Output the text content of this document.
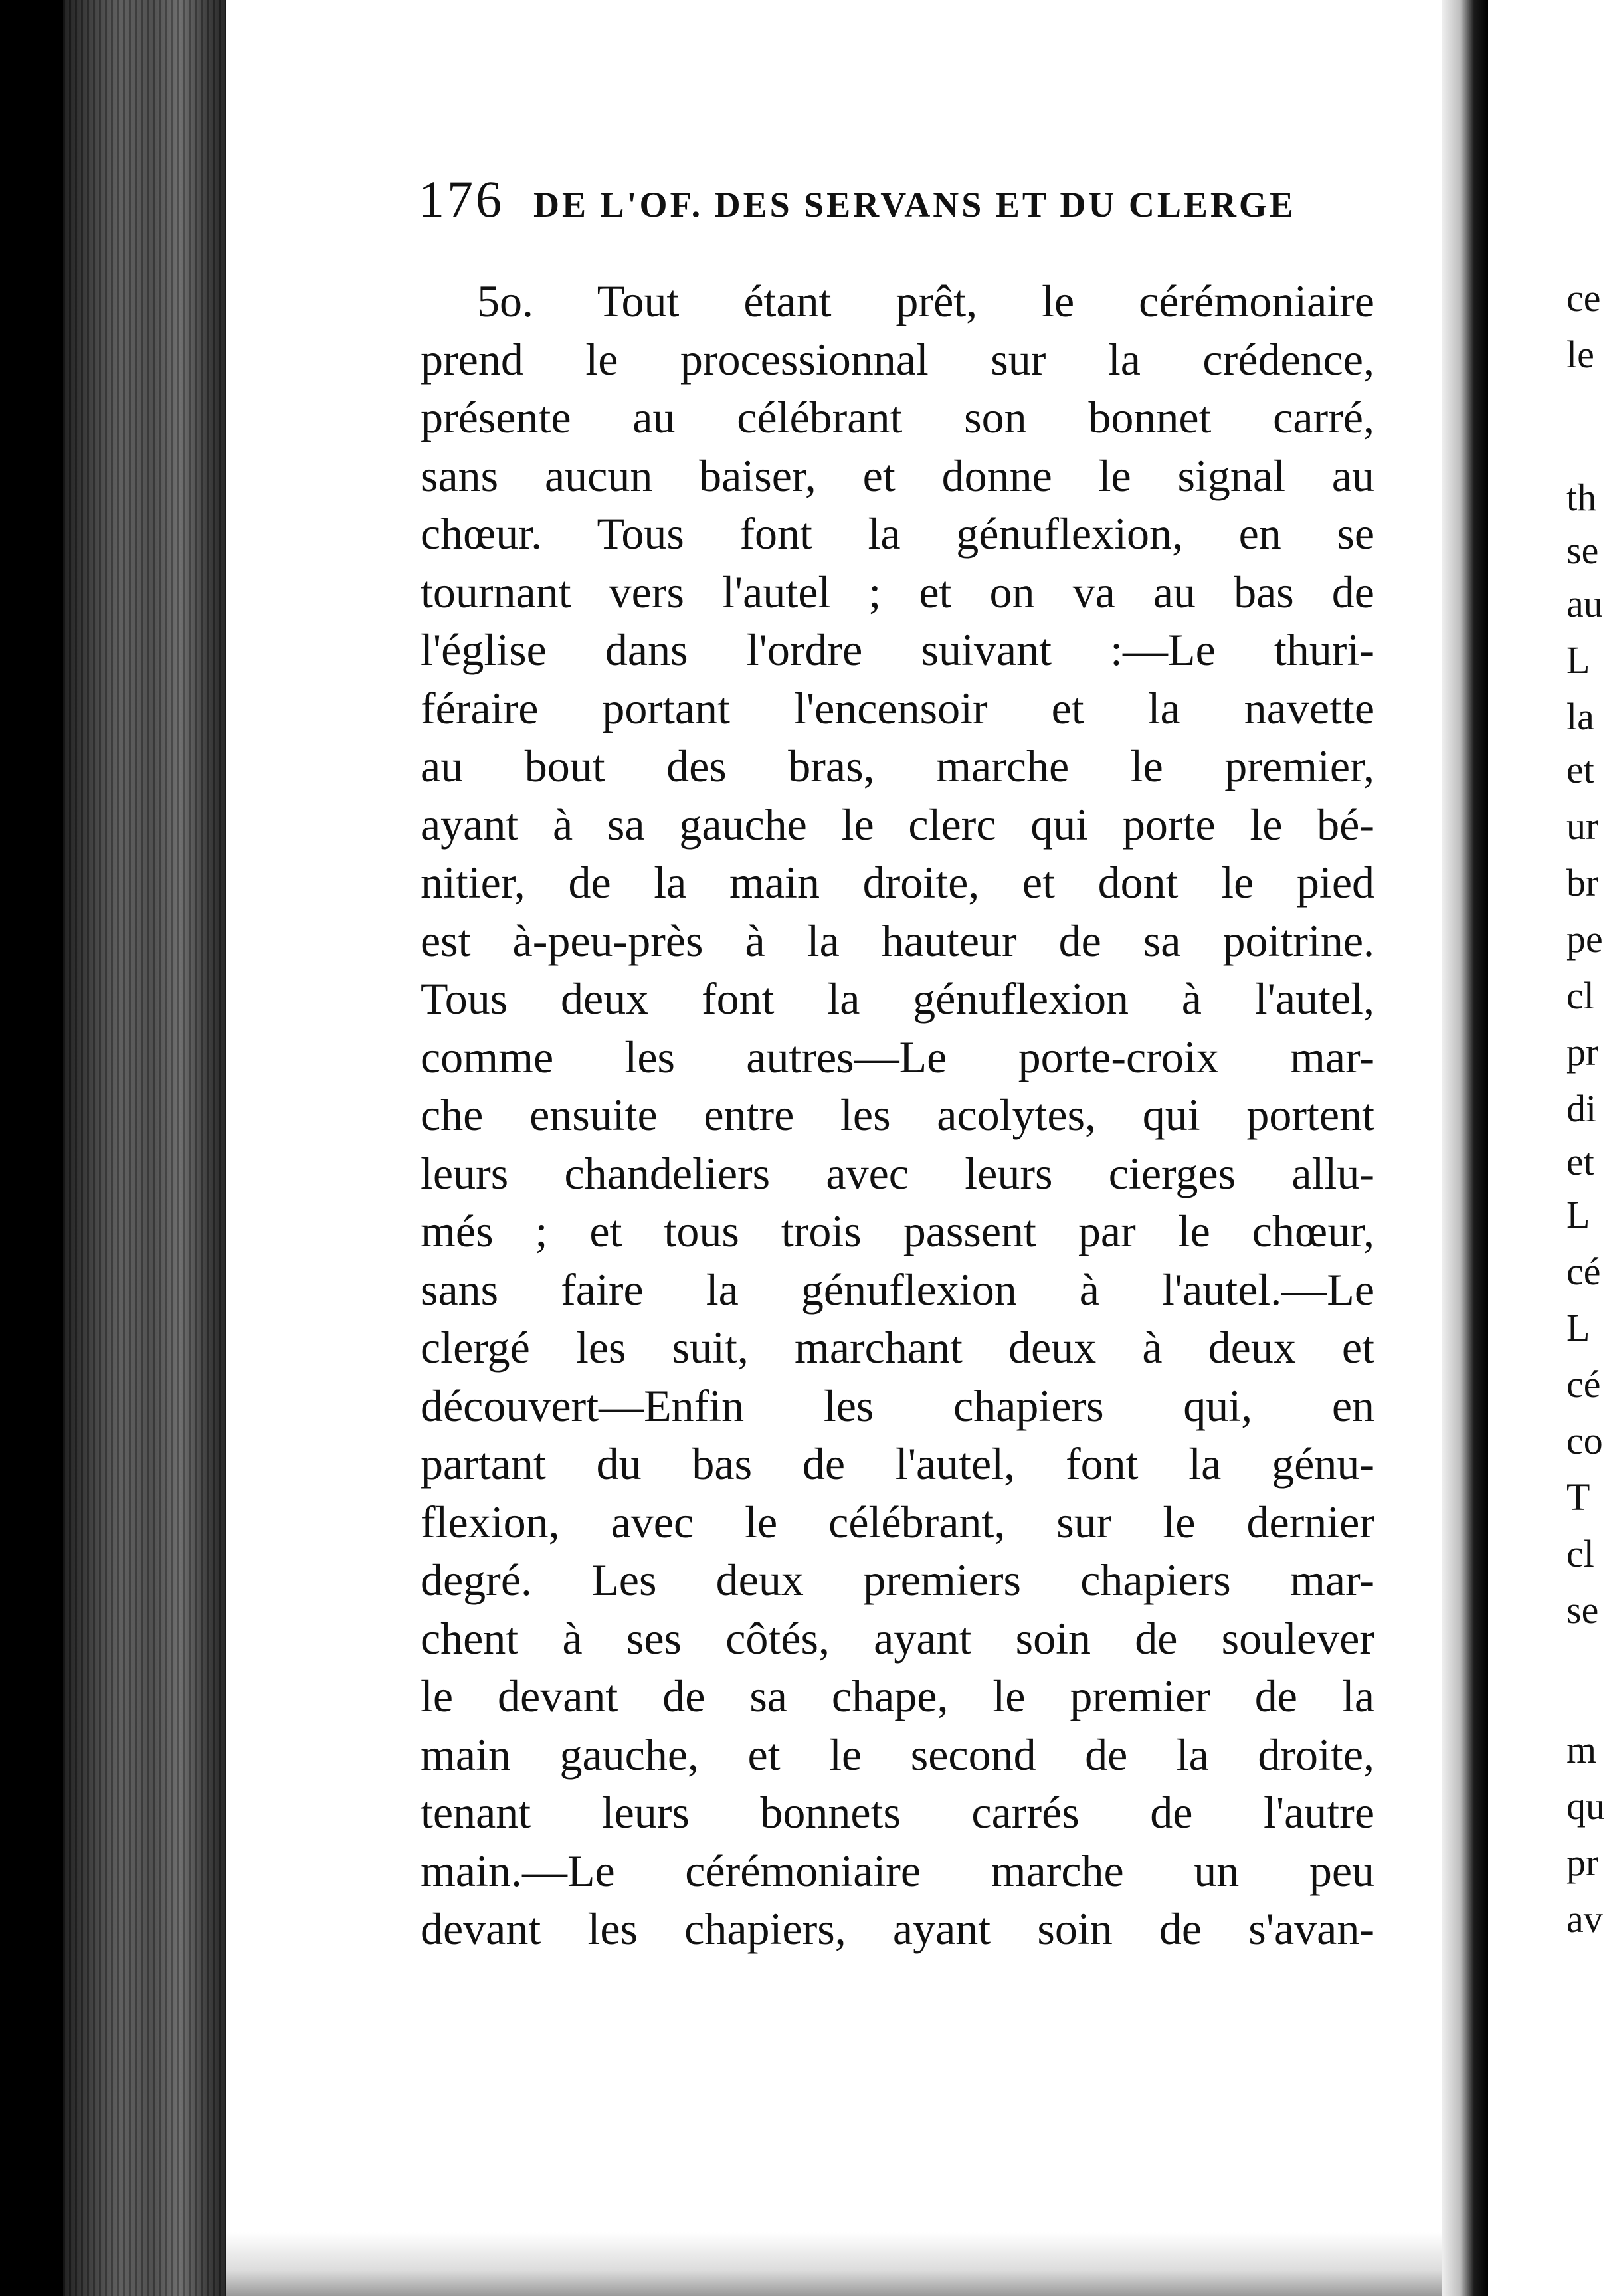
176 DE L'OF. DES SERVANS ET DU CLERGE
5o. Tout étant prêt, le cérémoniaire
prend le processionnal sur la crédence,
présente au célébrant son bonnet carré,
sans aucun baiser, et donne le signal au
chœur. Tous font la génuflexion, en se
tournant vers l'autel ; et on va au bas de
l'église dans l'ordre suivant :—Le thuri-
féraire portant l'encensoir et la navette
au bout des bras, marche le premier,
ayant à sa gauche le clerc qui porte le bé-
nitier, de la main droite, et dont le pied
est à-peu-près à la hauteur de sa poitrine.
Tous deux font la génuflexion à l'autel,
comme les autres—Le porte-croix mar-
che ensuite entre les acolytes, qui portent
leurs chandeliers avec leurs cierges allu-
més ; et tous trois passent par le chœur,
sans faire la génuflexion à l'autel.—Le
clergé les suit, marchant deux à deux et
découvert—Enfin les chapiers qui, en
partant du bas de l'autel, font la génu-
flexion, avec le célébrant, sur le dernier
degré. Les deux premiers chapiers mar-
chent à ses côtés, ayant soin de soulever
le devant de sa chape, le premier de la
main gauche, et le second de la droite,
tenant leurs bonnets carrés de l'autre
main.—Le cérémoniaire marche un peu
devant les chapiers, ayant soin de s'avan-
ce
le
th
se
au
L
la
et
ur
br
pe
cl
pr
di
et
L
cé
L
cé
co
T
cl
se
m
qu
pr
av
